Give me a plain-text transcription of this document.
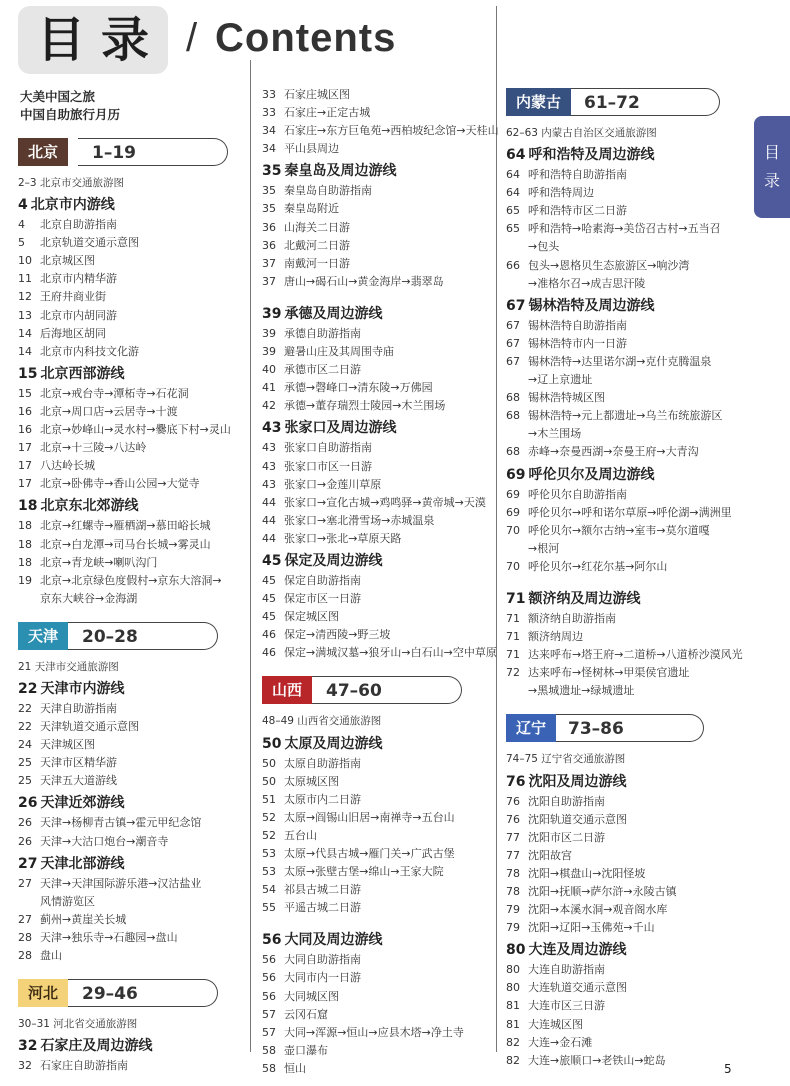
目 录 / Contents
大美中国之旅
中国自助旅行月历
1–19
北京
2–3 北京市交通旅游图
4 北京市内游线
4 北京自助游指南
5 北京轨道交通示意图
10 北京城区图
11 北京市内精华游
12 王府井商业街
13 北京市内胡同游
14 后海地区胡同
14 北京市内科技文化游
15 北京西部游线
15 北京→戒台寺→潭柘寺→石花洞
16 北京→周口店→云居寺→十渡
16 北京→妙峰山→灵水村→爨底下村→灵山
17 北京→十三陵→八达岭
17 八达岭长城
17 北京→卧佛寺→香山公园→大觉寺
18 北京东北郊游线
18 北京→红螺寺→雁栖湖→慕田峪长城
18 北京→白龙潭→司马台长城→雾灵山
18 北京→青龙峡→喇叭沟门
19 北京→北京绿色度假村→京东大溶洞→
京东大峡谷→金海湖
20–28
天津
21 天津市交通旅游图
22 天津市内游线
22 天津自助游指南
22 天津轨道交通示意图
24 天津城区图
25 天津市区精华游
25 天津五大道游线
26 天津近郊游线
26 天津→杨柳青古镇→霍元甲纪念馆
26 天津→大沽口炮台→潮音寺
27 天津北部游线
27 天津→天津国际游乐港→汉沽盐业
风情游览区
27 蓟州→黄崖关长城
28 天津→独乐寺→石趣园→盘山
28 盘山
29–46
河北
30–31 河北省交通旅游图
32 石家庄及周边游线
32 石家庄自助游指南
33 石家庄城区图
33 石家庄→正定古城
34 石家庄→东方巨龟苑→西柏坡纪念馆→天桂山
34 平山县周边
35 秦皇岛及周边游线
35 秦皇岛自助游指南
35 秦皇岛附近
36 山海关二日游
36 北戴河二日游
37 南戴河一日游
37 唐山→碣石山→黄金海岸→翡翠岛
39 承德及周边游线
39 承德自助游指南
39 避暑山庄及其周围寺庙
40 承德市区二日游
41 承德→磬峰口→清东陵→万佛园
42 承德→董存瑞烈士陵园→木兰围场
43 张家口及周边游线
43 张家口自助游指南
43 张家口市区一日游
43 张家口→金莲川草原
44 张家口→宣化古城→鸡鸣驿→黄帝城→天漠
44 张家口→塞北滑雪场→赤城温泉
44 张家口→张北→草原天路
45 保定及周边游线
45 保定自助游指南
45 保定市区一日游
45 保定城区图
46 保定→清西陵→野三坡
46 保定→满城汉墓→狼牙山→白石山→空中草原
47–60
山西
48–49 山西省交通旅游图
50 太原及周边游线
50 太原自助游指南
50 太原城区图
51 太原市内二日游
52 太原→阎锡山旧居→南禅寺→五台山
52 五台山
53 太原→代县古城→雁门关→广武古堡
53 太原→张壁古堡→绵山→王家大院
54 祁县古城二日游
55 平遥古城二日游
56 大同及周边游线
56 大同自助游指南
56 大同市内一日游
56 大同城区图
57 云冈石窟
57 大同→浑源→恒山→应县木塔→净土寺
58 壶口瀑布
58 恒山
61–72
内蒙古
62–63 内蒙古自治区交通旅游图
64 呼和浩特及周边游线
64 呼和浩特自助游指南
64 呼和浩特周边
65 呼和浩特市区二日游
65 呼和浩特→哈素海→美岱召古村→五当召
→包头
66 包头→恩格贝生态旅游区→响沙湾
→准格尔召→成吉思汗陵
67 锡林浩特及周边游线
67 锡林浩特自助游指南
67 锡林浩特市内一日游
67 锡林浩特→达里诺尔湖→克什克腾温泉
→辽上京遗址
68 锡林浩特城区图
68 锡林浩特→元上都遗址→乌兰布统旅游区
→木兰围场
68 赤峰→奈曼西湖→奈曼王府→大青沟
69 呼伦贝尔及周边游线
69 呼伦贝尔自助游指南
69 呼伦贝尔→呼和诺尔草原→呼伦湖→满洲里
70 呼伦贝尔→额尔古纳→室韦→莫尔道嘎
→根河
70 呼伦贝尔→红花尔基→阿尔山
71 额济纳及周边游线
71 额济纳自助游指南
71 额济纳周边
71 达来呼布→塔王府→二道桥→八道桥沙漠风光
72 达来呼布→怪树林→甲渠侯官遗址
→黑城遗址→绿城遗址
73–86
辽宁
74–75 辽宁省交通旅游图
76 沈阳及周边游线
76 沈阳自助游指南
76 沈阳轨道交通示意图
77 沈阳市区二日游
77 沈阳故宫
78 沈阳→棋盘山→沈阳怪坡
78 沈阳→抚顺→萨尔浒→永陵古镇
79 沈阳→本溪水洞→观音阁水库
79 沈阳→辽阳→玉佛苑→千山
80 大连及周边游线
80 大连自助游指南
80 大连轨道交通示意图
81 大连市区三日游
81 大连城区图
82 大连→金石滩
82 大连→旅顺口→老铁山→蛇岛
目
录
5
